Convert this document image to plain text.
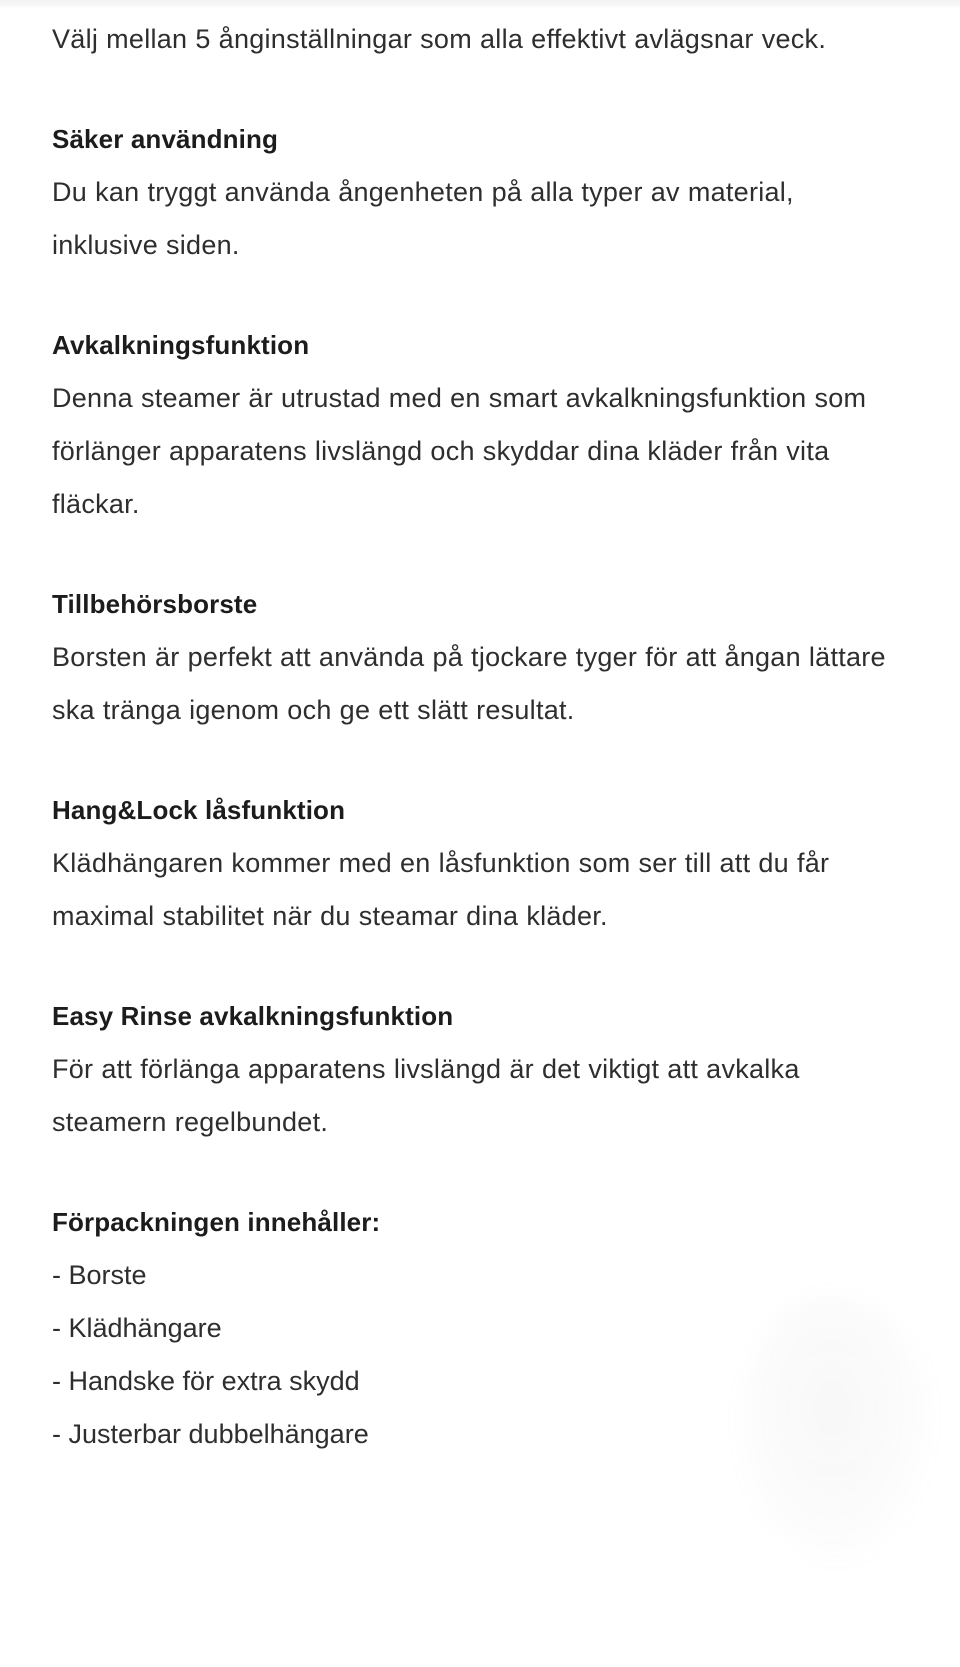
Välj mellan 5 ånginställningar som alla effektivt avlägsnar veck.

Säker användning

Du kan tryggt använda ångenheten på alla typer av material, inklusive siden.

Avkalkningsfunktion

Denna steamer är utrustad med en smart avkalkningsfunktion som förlänger apparatens livslängd och skyddar dina kläder från vita fläckar.

Tillbehörsborste

Borsten är perfekt att använda på tjockare tyger för att ångan lättare ska tränga igenom och ge ett slätt resultat.

Hang&Lock låsfunktion

Klädhängaren kommer med en låsfunktion som ser till att du får maximal stabilitet när du steamar dina kläder.

Easy Rinse avkalkningsfunktion

För att förlänga apparatens livslängd är det viktigt att avkalka steamern regelbundet.

Förpackningen innehåller:
- Borste
- Klädhängare
- Handske för extra skydd
- Justerbar dubbelhängare
